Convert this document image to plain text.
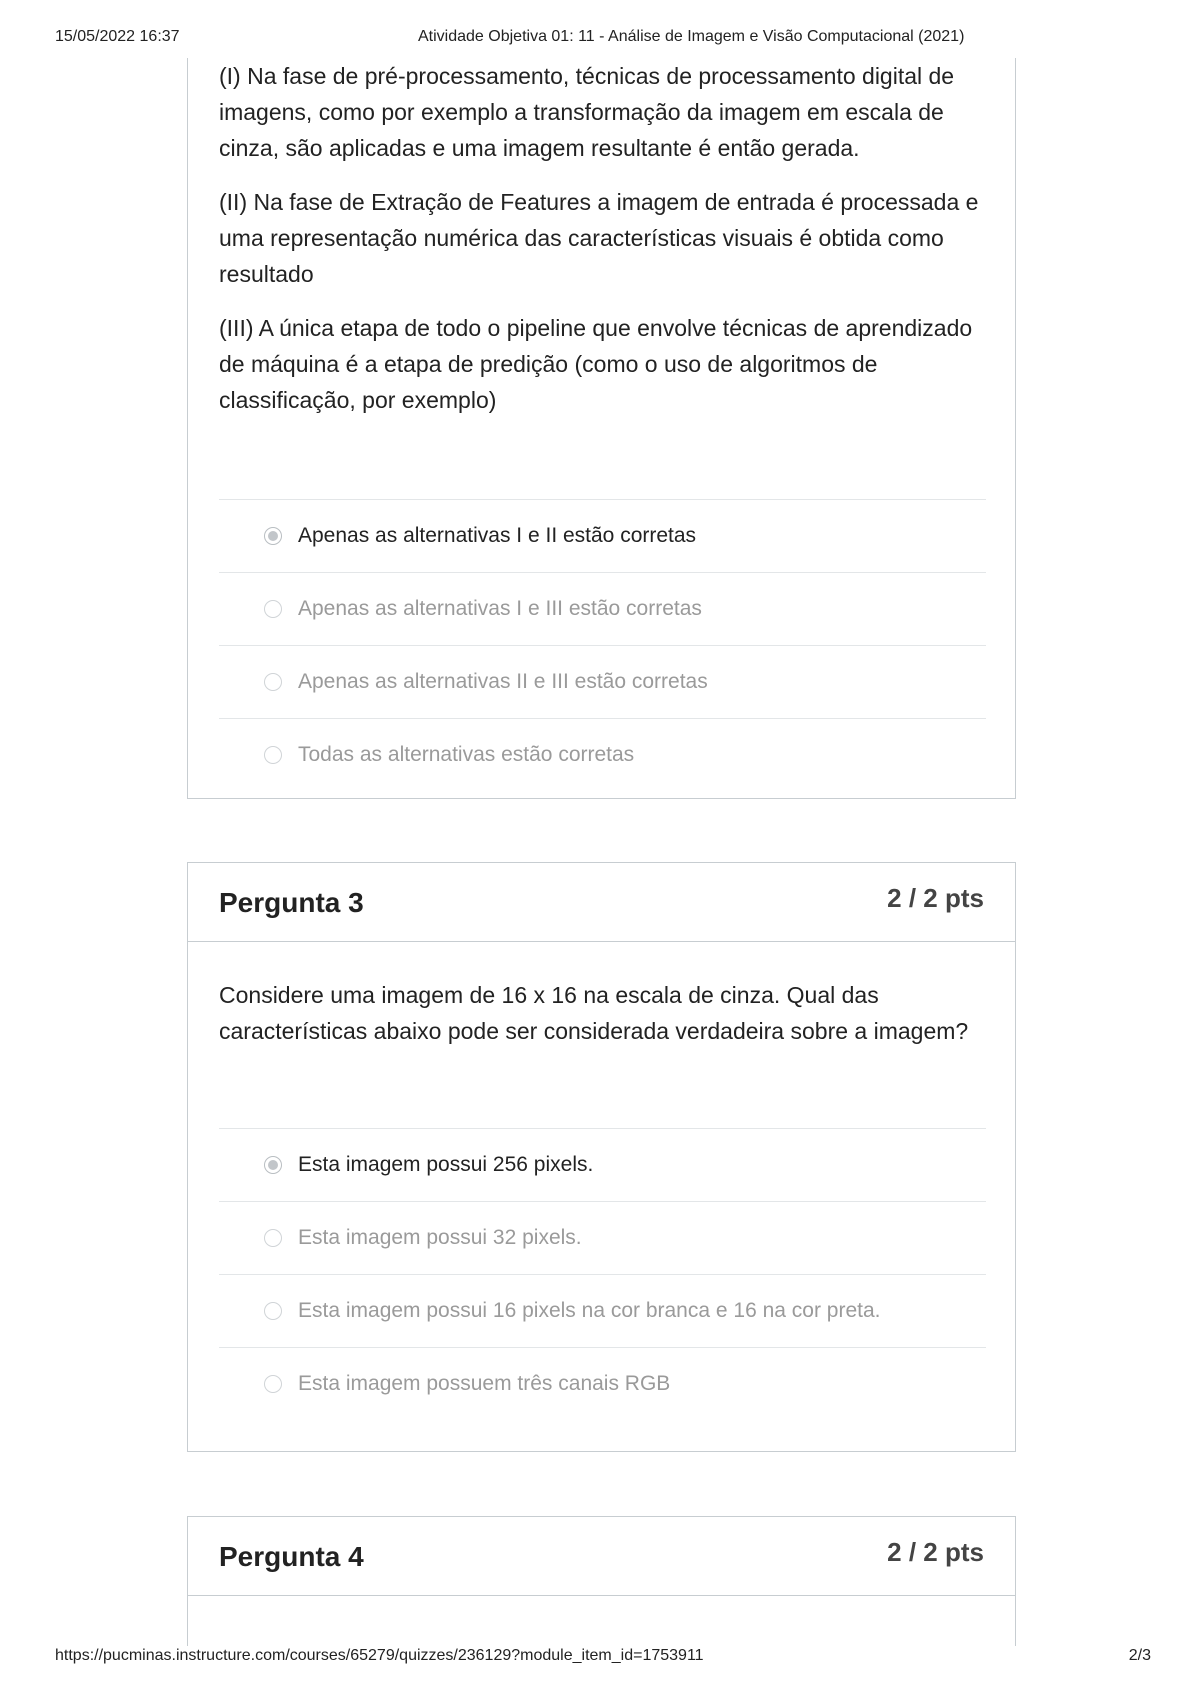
15/05/2022 16:37	Atividade Objetiva 01: 11 - Análise de Imagem e Visão Computacional (2021)

(I) Na fase de pré-processamento, técnicas de processamento digital de imagens, como por exemplo a transformação da imagem em escala de cinza, são aplicadas e uma imagem resultante é então gerada.

(II) Na fase de Extração de Features a imagem de entrada é processada e uma representação numérica das características visuais é obtida como resultado

(III) A única etapa de todo o pipeline que envolve técnicas de aprendizado de máquina é a etapa de predição (como o uso de algoritmos de classificação, por exemplo)

Apenas as alternativas I e II estão corretas
Apenas as alternativas I e III estão corretas
Apenas as alternativas II e III estão corretas
Todas as alternativas estão corretas
Pergunta 3	2 / 2 pts

Considere uma imagem de 16 x 16 na escala de cinza. Qual das características abaixo pode ser considerada verdadeira sobre a imagem?

Esta imagem possui 256 pixels.
Esta imagem possui 32 pixels.
Esta imagem possui 16 pixels na cor branca e 16 na cor preta.
Esta imagem possuem três canais RGB
Pergunta 4	2 / 2 pts
https://pucminas.instructure.com/courses/65279/quizzes/236129?module_item_id=1753911	2/3
